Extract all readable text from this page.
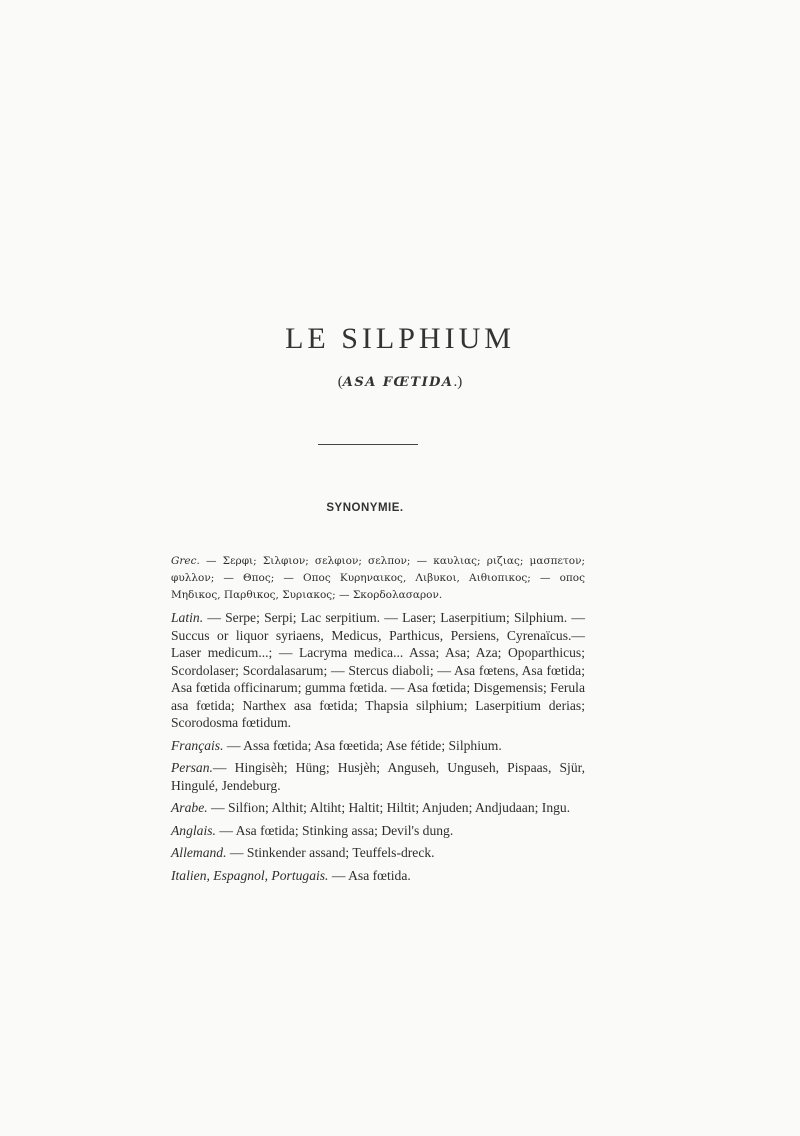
LE SILPHIUM
(ASA FŒTIDA.)
SYNONYMIE.

Grec. — Σερφι; Σιλφιον; σελφιον; σελπον; — καυλιας; ριζιας; μασπετον; φυλλον; — Θπος; — Οπος Κυρηναικος, Λιβυκοι, Αιθιοπικος; — οπος Μηδικος, Παρθικος, Συριακος; — Σκορδολασαρον.

Latin. — Serpe; Serpi; Lac serpitium. — Laser; Laserpitium; Silphium. — Succus or liquor syriaens, Medicus, Parthicus, Persiens, Cyrenaïcus.— Laser medicum...; — Lacryma medica... Assa; Asa; Aza; Opoparthicus; Scordolaser; Scordalasarum; — Stercus diaboli; — Asa fœtens, Asa fœtida; Asa fœtida officinarum; gumma fœtida. — Asa fœtida; Disgemensis; Ferula asa fœtida; Narthex asa fœtida; Thapsia silphium; Laserpitium derias; Scorodosma fœtidum.

Français. — Assa fœtida; Asa fœetida; Ase fétide; Silphium.

Persan.— Hingisèh; Hüng; Husjèh; Anguseh, Unguseh, Pispaas, Sjür, Hingulé, Jendeburg.

Arabe. — Silfion; Althit; Altiht; Haltit; Hiltit; Anjuden; Andjudaan; Ingu.

Anglais. — Asa fœtida; Stinking assa; Devil's dung.

Allemand. — Stinkender assand; Teuffels-dreck.

Italien, Espagnol, Portugais. — Asa fœtida.
